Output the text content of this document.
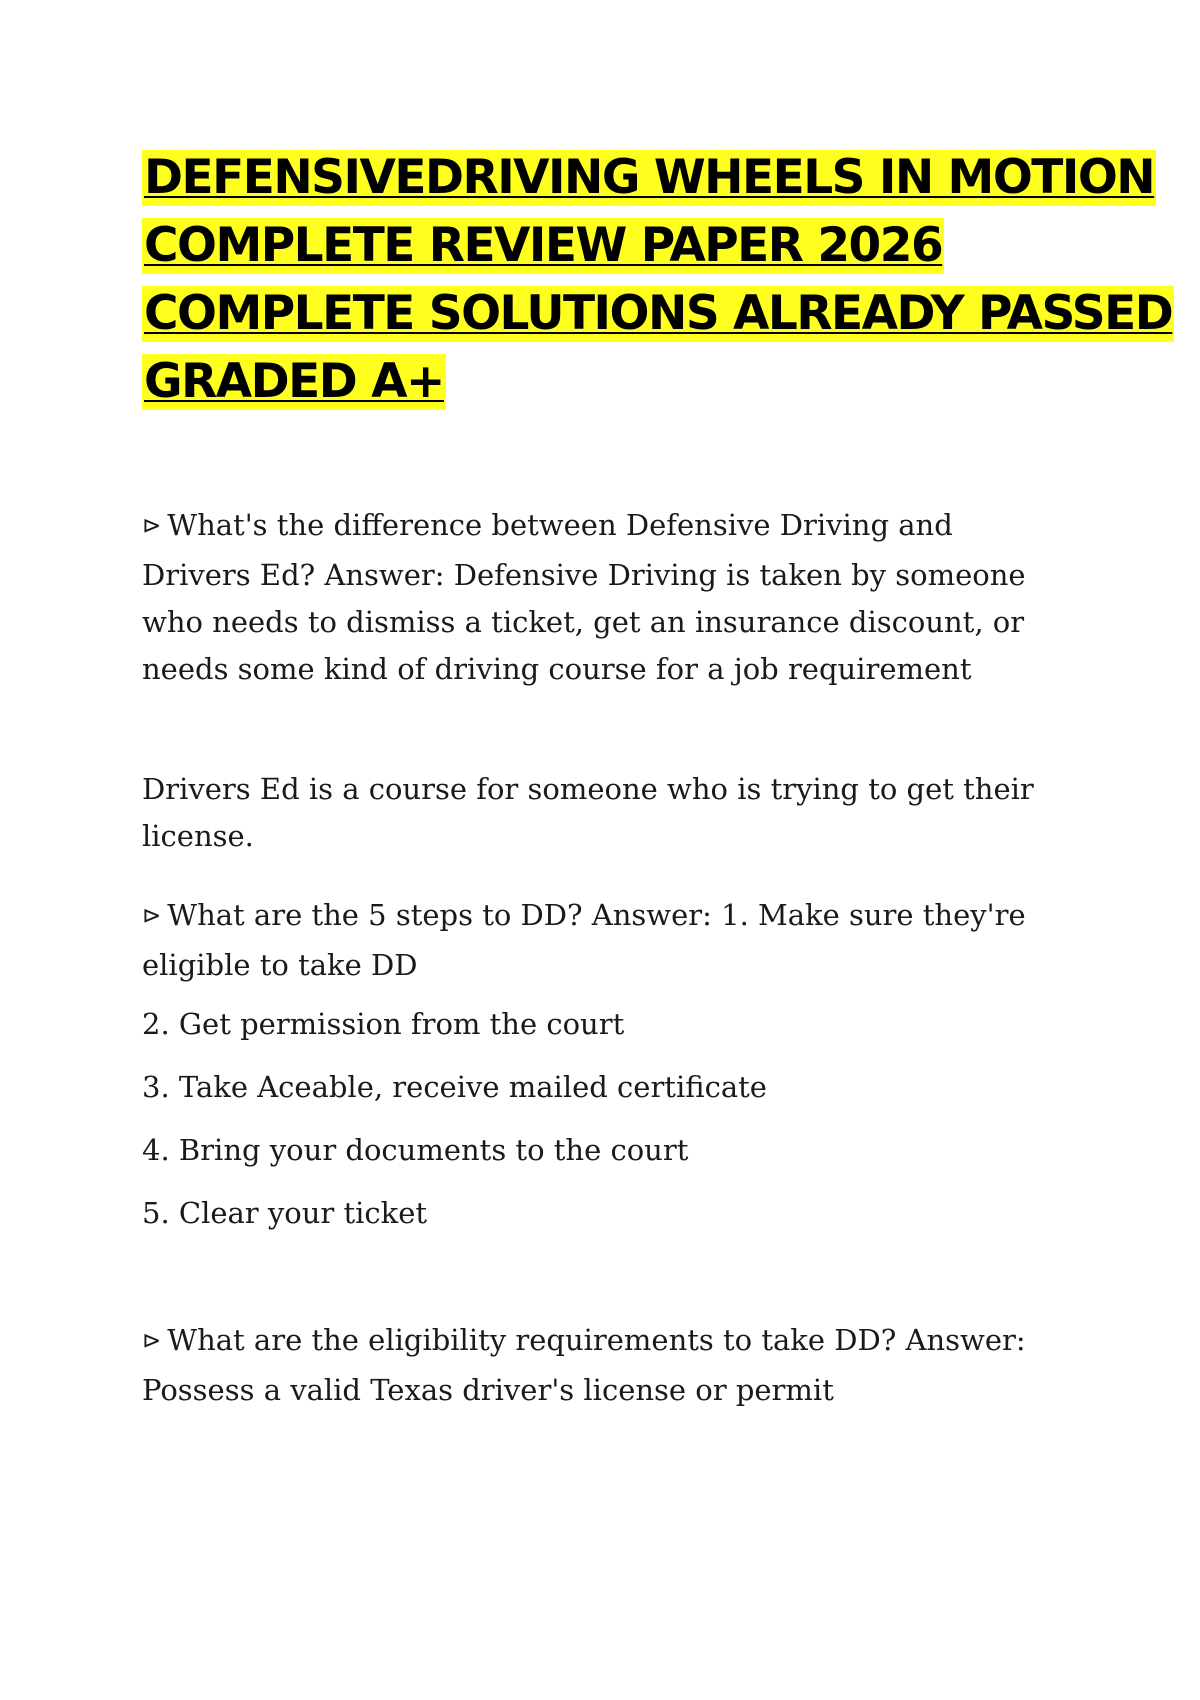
DEFENSIVEDRIVING WHEELS IN MOTION
COMPLETE REVIEW PAPER 2026
COMPLETE SOLUTIONS ALREADY PASSED
GRADED A+

⊳ What's the difference between Defensive Driving and Drivers Ed? Answer: Defensive Driving is taken by someone who needs to dismiss a ticket, get an insurance discount, or needs some kind of driving course for a job requirement

Drivers Ed is a course for someone who is trying to get their license.

⊳ What are the 5 steps to DD? Answer: 1. Make sure they're eligible to take DD

2. Get permission from the court
3. Take Aceable, receive mailed certificate
4. Bring your documents to the court
5. Clear your ticket

⊳ What are the eligibility requirements to take DD? Answer: Possess a valid Texas driver's license or permit
